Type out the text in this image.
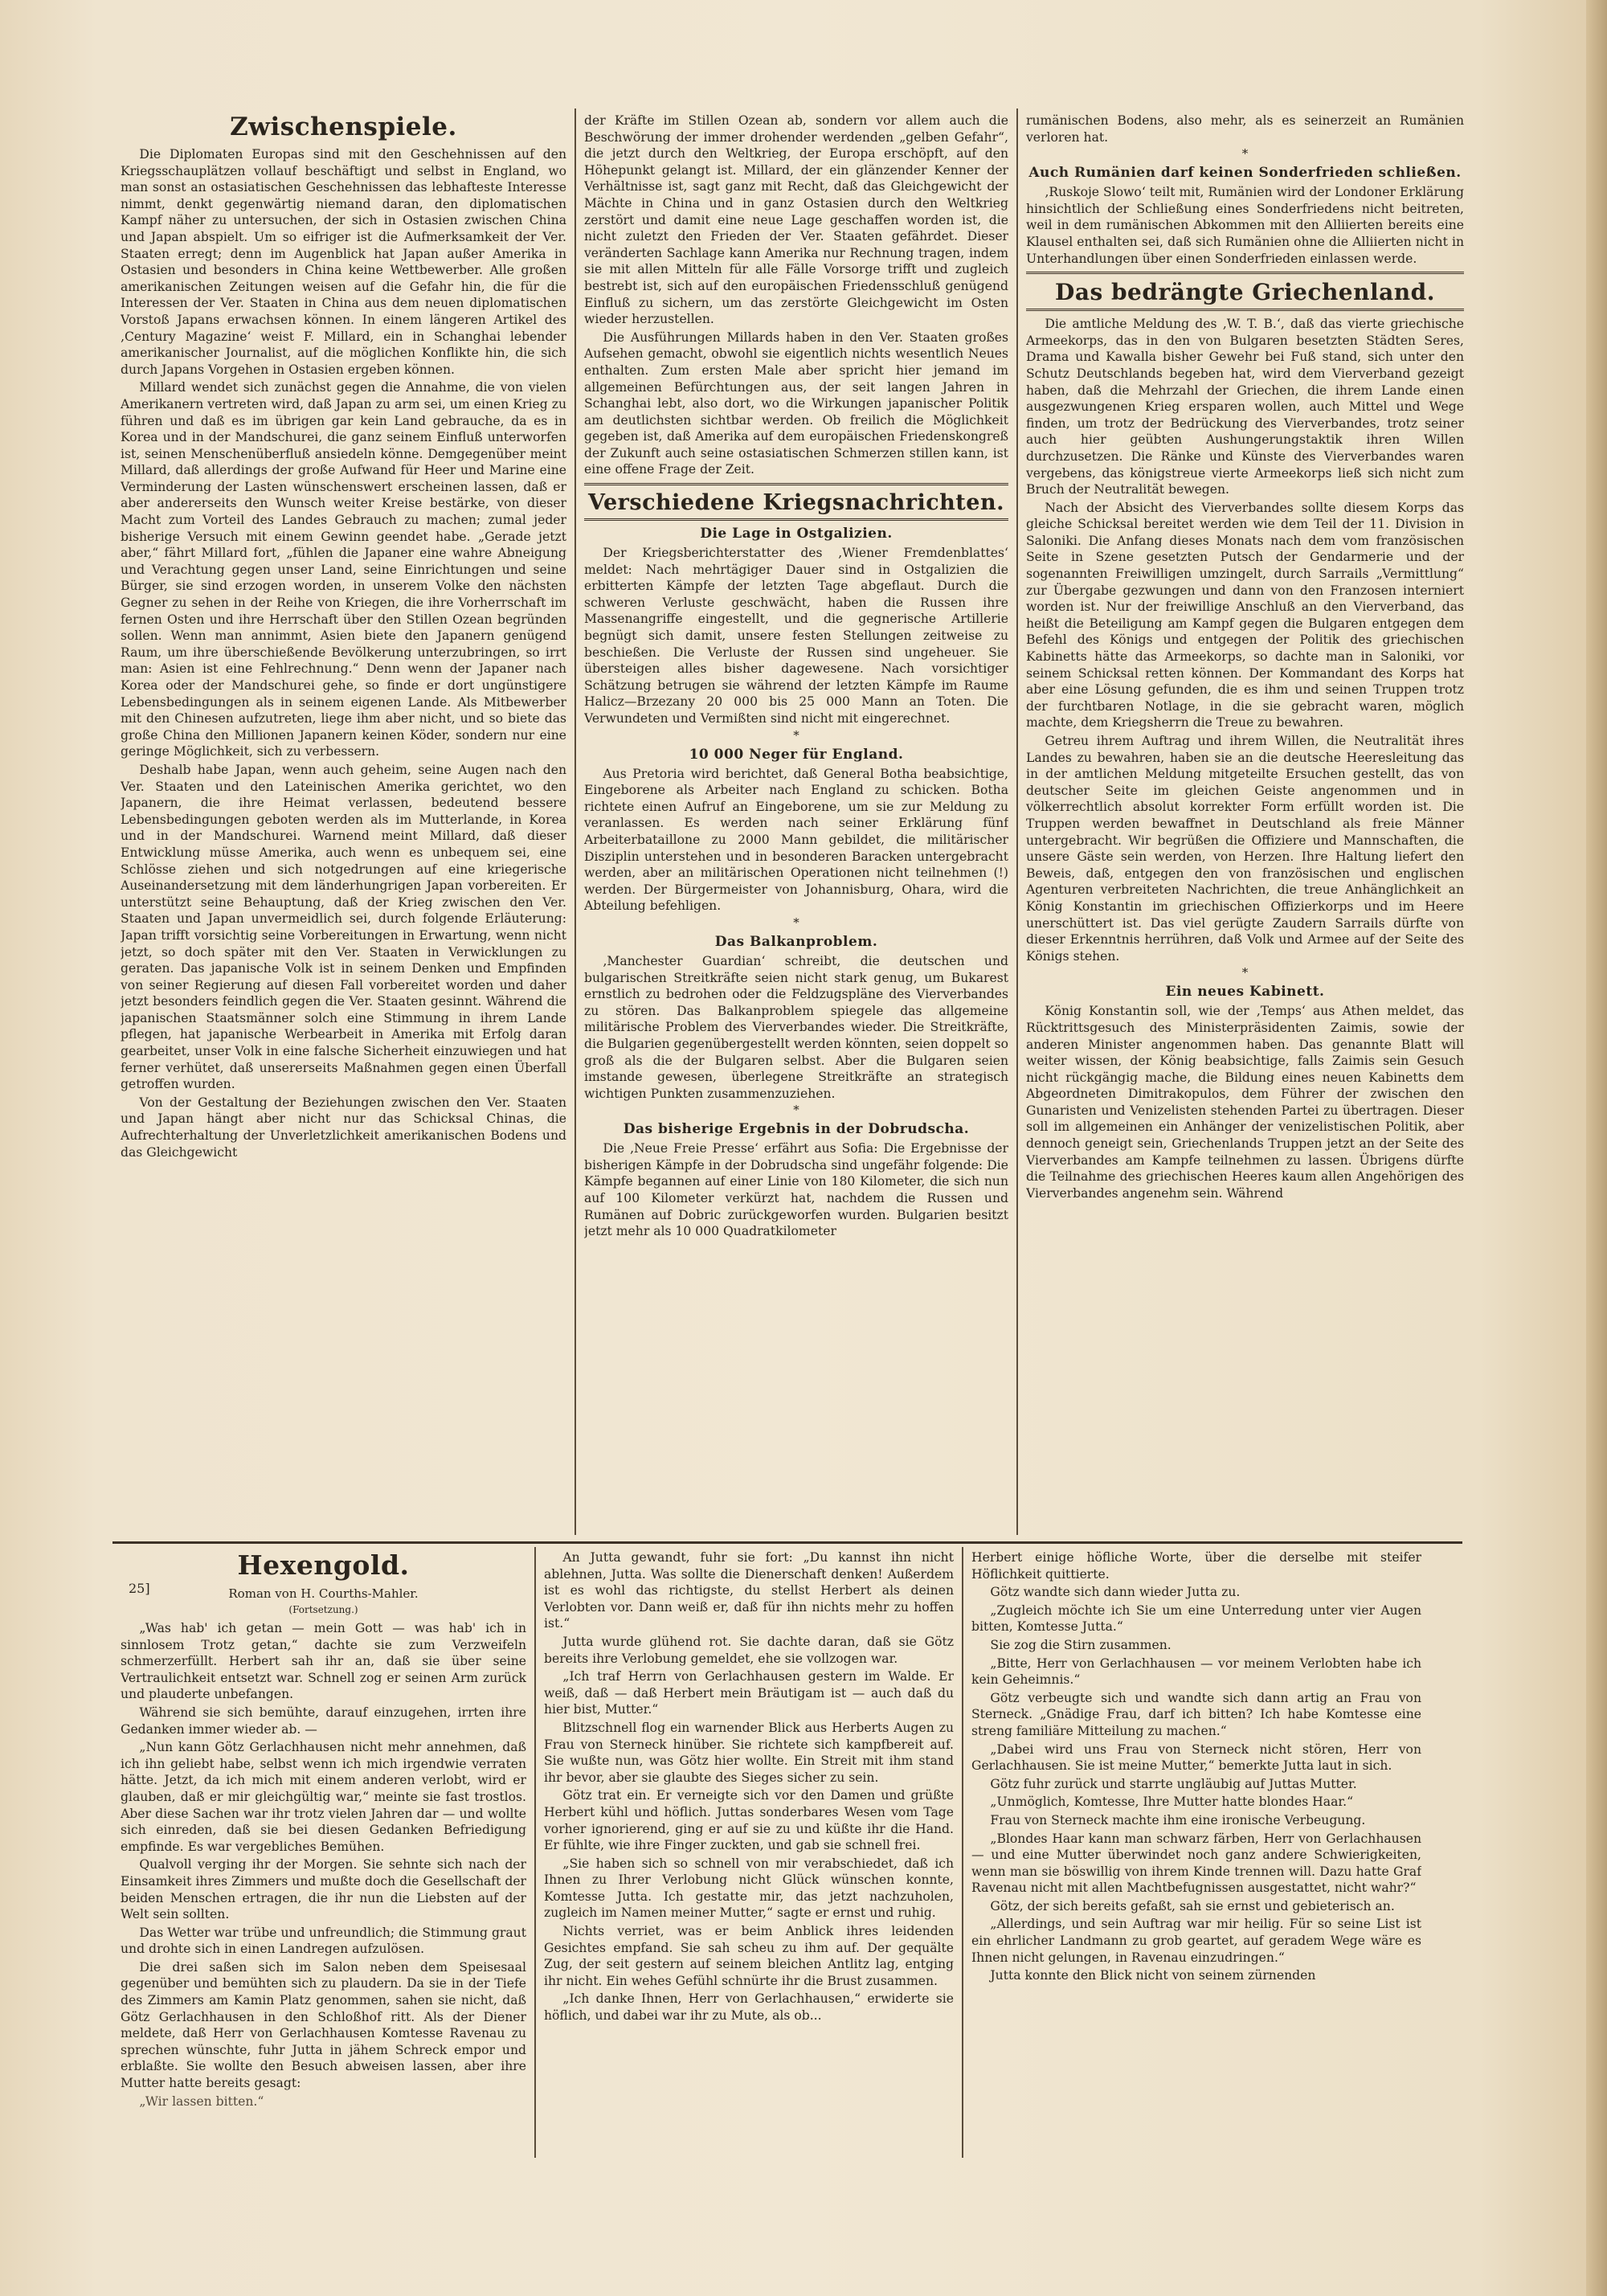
Zwischenspiele.

Die Diplomaten Europas sind mit den Geschehnissen auf den Kriegsschauplätzen vollauf beschäftigt und selbst in England, wo man sonst an ostasiatischen Geschehnissen das lebhafteste Interesse nimmt, denkt gegenwärtig niemand daran, den diplomatischen Kampf näher zu untersuchen, der sich in Ostasien zwischen China und Japan abspielt. Um so eifriger ist die Aufmerksamkeit der Ver. Staaten erregt; denn im Augenblick hat Japan außer Amerika in Ostasien und besonders in China keine Wettbewerber. Alle großen amerikanischen Zeitungen weisen auf die Gefahr hin, die für die Interessen der Ver. Staaten in China aus dem neuen diplomatischen Vorstoß Japans erwachsen können. In einem längeren Artikel des ‚Century Magazine‘ weist F. Millard, ein in Schanghai lebender amerikanischer Journalist, auf die möglichen Konflikte hin, die sich durch Japans Vorgehen in Ostasien ergeben können.

Millard wendet sich zunächst gegen die Annahme, die von vielen Amerikanern vertreten wird, daß Japan zu arm sei, um einen Krieg zu führen und daß es im übrigen gar kein Land gebrauche, da es in Korea und in der Mandschurei, die ganz seinem Einfluß unterworfen ist, seinen Menschenüberfluß ansiedeln könne. Demgegenüber meint Millard, daß allerdings der große Aufwand für Heer und Marine eine Verminderung der Lasten wünschenswert erscheinen lassen, daß er aber andererseits den Wunsch weiter Kreise bestärke, von dieser Macht zum Vorteil des Landes Gebrauch zu machen; zumal jeder bisherige Versuch mit einem Gewinn geendet habe. „Gerade jetzt aber,“ fährt Millard fort, „fühlen die Japaner eine wahre Abneigung und Verachtung gegen unser Land, seine Einrichtungen und seine Bürger, sie sind erzogen worden, in unserem Volke den nächsten Gegner zu sehen in der Reihe von Kriegen, die ihre Vorherrschaft im fernen Osten und ihre Herrschaft über den Stillen Ozean begründen sollen. Wenn man annimmt, Asien biete den Japanern genügend Raum, um ihre überschießende Bevölkerung unterzubringen, so irrt man: Asien ist eine Fehlrechnung.“ Denn wenn der Japaner nach Korea oder der Mandschurei gehe, so finde er dort ungünstigere Lebensbedingungen als in seinem eigenen Lande. Als Mitbewerber mit den Chinesen aufzutreten, liege ihm aber nicht, und so biete das große China den Millionen Japanern keinen Köder, sondern nur eine geringe Möglichkeit, sich zu verbessern.

Deshalb habe Japan, wenn auch geheim, seine Augen nach den Ver. Staaten und den Lateinischen Amerika gerichtet, wo den Japanern, die ihre Heimat verlassen, bedeutend bessere Lebensbedingungen geboten werden als im Mutterlande, in Korea und in der Mandschurei. Warnend meint Millard, daß dieser Entwicklung müsse Amerika, auch wenn es unbequem sei, eine Schlösse ziehen und sich notgedrungen auf eine kriegerische Auseinandersetzung mit dem länderhungrigen Japan vorbereiten. Er unterstützt seine Behauptung, daß der Krieg zwischen den Ver. Staaten und Japan unvermeidlich sei, durch folgende Erläuterung: Japan trifft vorsichtig seine Vorbereitungen in Erwartung, wenn nicht jetzt, so doch später mit den Ver. Staaten in Verwicklungen zu geraten. Das japanische Volk ist in seinem Denken und Empfinden von seiner Regierung auf diesen Fall vorbereitet worden und daher jetzt besonders feindlich gegen die Ver. Staaten gesinnt. Während die japanischen Staatsmänner solch eine Stimmung in ihrem Lande pflegen, hat japanische Werbearbeit in Amerika mit Erfolg daran gearbeitet, unser Volk in eine falsche Sicherheit einzuwiegen und hat ferner verhütet, daß unsererseits Maßnahmen gegen einen Überfall getroffen wurden.

Von der Gestaltung der Beziehungen zwischen den Ver. Staaten und Japan hängt aber nicht nur das Schicksal Chinas, die Aufrechterhaltung der Unverletzlichkeit amerikanischen Bodens und das Gleichgewicht

der Kräfte im Stillen Ozean ab, sondern vor allem auch die Beschwörung der immer drohender werdenden „gelben Gefahr“, die jetzt durch den Weltkrieg, der Europa erschöpft, auf den Höhepunkt gelangt ist. Millard, der ein glänzender Kenner der Verhältnisse ist, sagt ganz mit Recht, daß das Gleichgewicht der Mächte in China und in ganz Ostasien durch den Weltkrieg zerstört und damit eine neue Lage geschaffen worden ist, die nicht zuletzt den Frieden der Ver. Staaten gefährdet. Dieser veränderten Sachlage kann Amerika nur Rechnung tragen, indem sie mit allen Mitteln für alle Fälle Vorsorge trifft und zugleich bestrebt ist, sich auf den europäischen Friedensschluß genügend Einfluß zu sichern, um das zerstörte Gleichgewicht im Osten wieder herzustellen.

Die Ausführungen Millards haben in den Ver. Staaten großes Aufsehen gemacht, obwohl sie eigentlich nichts wesentlich Neues enthalten. Zum ersten Male aber spricht hier jemand im allgemeinen Befürchtungen aus, der seit langen Jahren in Schanghai lebt, also dort, wo die Wirkungen japanischer Politik am deutlichsten sichtbar werden. Ob freilich die Möglichkeit gegeben ist, daß Amerika auf dem europäischen Friedenskongreß der Zukunft auch seine ostasiatischen Schmerzen stillen kann, ist eine offene Frage der Zeit.

Verschiedene Kriegsnachrichten.
Die Lage in Ostgalizien.

Der Kriegsberichterstatter des ‚Wiener Fremdenblattes‘ meldet: Nach mehrtägiger Dauer sind in Ostgalizien die erbitterten Kämpfe der letzten Tage abgeflaut. Durch die schweren Verluste geschwächt, haben die Russen ihre Massenangriffe eingestellt, und die gegnerische Artillerie begnügt sich damit, unsere festen Stellungen zeitweise zu beschießen. Die Verluste der Russen sind ungeheuer. Sie übersteigen alles bisher dagewesene. Nach vorsichtiger Schätzung betrugen sie während der letzten Kämpfe im Raume Halicz—Brzezany 20 000 bis 25 000 Mann an Toten. Die Verwundeten und Vermißten sind nicht mit eingerechnet.

*
10 000 Neger für England.

Aus Pretoria wird berichtet, daß General Botha beabsichtige, Eingeborene als Arbeiter nach England zu schicken. Botha richtete einen Aufruf an Eingeborene, um sie zur Meldung zu veranlassen. Es werden nach seiner Erklärung fünf Arbeiterbataillone zu 2000 Mann gebildet, die militärischer Disziplin unterstehen und in besonderen Baracken untergebracht werden, aber an militärischen Operationen nicht teilnehmen (!) werden. Der Bürgermeister von Johannisburg, Ohara, wird die Abteilung befehligen.

*
Das Balkanproblem.

‚Manchester Guardian‘ schreibt, die deutschen und bulgarischen Streitkräfte seien nicht stark genug, um Bukarest ernstlich zu bedrohen oder die Feldzugspläne des Vierverbandes zu stören. Das Balkanproblem spiegele das allgemeine militärische Problem des Vierverbandes wieder. Die Streitkräfte, die Bulgarien gegenübergestellt werden könnten, seien doppelt so groß als die der Bulgaren selbst. Aber die Bulgaren seien imstande gewesen, überlegene Streitkräfte an strategisch wichtigen Punkten zusammenzuziehen.

*
Das bisherige Ergebnis in der Dobrudscha.

Die ‚Neue Freie Presse‘ erfährt aus Sofia: Die Ergebnisse der bisherigen Kämpfe in der Dobrudscha sind ungefähr folgende: Die Kämpfe begannen auf einer Linie von 180 Kilometer, die sich nun auf 100 Kilometer verkürzt hat, nachdem die Russen und Rumänen auf Dobric zurückgeworfen wurden. Bulgarien besitzt jetzt mehr als 10 000 Quadratkilometer

rumänischen Bodens, also mehr, als es seinerzeit an Rumänien verloren hat.

*
Auch Rumänien darf keinen Sonderfrieden schließen.

‚Ruskoje Slowo‘ teilt mit, Rumänien wird der Londoner Erklärung hinsichtlich der Schließung eines Sonderfriedens nicht beitreten, weil in dem rumänischen Abkommen mit den Alliierten bereits eine Klausel enthalten sei, daß sich Rumänien ohne die Alliierten nicht in Unterhandlungen über einen Sonderfrieden einlassen werde.

Das bedrängte Griechenland.

Die amtliche Meldung des ‚W. T. B.‘, daß das vierte griechische Armeekorps, das in den von Bulgaren besetzten Städten Seres, Drama und Kawalla bisher Gewehr bei Fuß stand, sich unter den Schutz Deutschlands begeben hat, wird dem Vierverband gezeigt haben, daß die Mehrzahl der Griechen, die ihrem Lande einen ausgezwungenen Krieg ersparen wollen, auch Mittel und Wege finden, um trotz der Bedrückung des Vierverbandes, trotz seiner auch hier geübten Aushungerungstaktik ihren Willen durchzusetzen. Die Ränke und Künste des Vierverbandes waren vergebens, das königstreue vierte Armeekorps ließ sich nicht zum Bruch der Neutralität bewegen.

Nach der Absicht des Vierverbandes sollte diesem Korps das gleiche Schicksal bereitet werden wie dem Teil der 11. Division in Saloniki. Die Anfang dieses Monats nach dem vom französischen Seite in Szene gesetzten Putsch der Gendarmerie und der sogenannten Freiwilligen umzingelt, durch Sarrails „Vermittlung“ zur Übergabe gezwungen und dann von den Franzosen interniert worden ist. Nur der freiwillige Anschluß an den Vierverband, das heißt die Beteiligung am Kampf gegen die Bulgaren entgegen dem Befehl des Königs und entgegen der Politik des griechischen Kabinetts hätte das Armeekorps, so dachte man in Saloniki, vor seinem Schicksal retten können. Der Kommandant des Korps hat aber eine Lösung gefunden, die es ihm und seinen Truppen trotz der furchtbaren Notlage, in die sie gebracht waren, möglich machte, dem Kriegsherrn die Treue zu bewahren.

Getreu ihrem Auftrag und ihrem Willen, die Neutralität ihres Landes zu bewahren, haben sie an die deutsche Heeresleitung das in der amtlichen Meldung mitgeteilte Ersuchen gestellt, das von deutscher Seite im gleichen Geiste angenommen und in völkerrechtlich absolut korrekter Form erfüllt worden ist. Die Truppen werden bewaffnet in Deutschland als freie Männer untergebracht. Wir begrüßen die Offiziere und Mannschaften, die unsere Gäste sein werden, von Herzen. Ihre Haltung liefert den Beweis, daß, entgegen den von französischen und englischen Agenturen verbreiteten Nachrichten, die treue Anhänglichkeit an König Konstantin im griechischen Offizierkorps und im Heere unerschüttert ist. Das viel gerügte Zaudern Sarrails dürfte von dieser Erkenntnis herrühren, daß Volk und Armee auf der Seite des Königs stehen.

*
Ein neues Kabinett.

König Konstantin soll, wie der ‚Temps‘ aus Athen meldet, das Rücktrittsgesuch des Ministerpräsidenten Zaimis, sowie der anderen Minister angenommen haben. Das genannte Blatt will weiter wissen, der König beabsichtige, falls Zaimis sein Gesuch nicht rückgängig mache, die Bildung eines neuen Kabinetts dem Abgeordneten Dimitrakopulos, dem Führer der zwischen den Gunaristen und Venizelisten stehenden Partei zu übertragen. Dieser soll im allgemeinen ein Anhänger der venizelistischen Politik, aber dennoch geneigt sein, Griechenlands Truppen jetzt an der Seite des Vierverbandes am Kampfe teilnehmen zu lassen. Übrigens dürfte die Teilnahme des griechischen Heeres kaum allen Angehörigen des Vierverbandes angenehm sein. Während

25]
Hexengold.
Roman von H. Courths-Mahler.
(Fortsetzung.)

„Was hab' ich getan — mein Gott — was hab' ich in sinnlosem Trotz getan,“ dachte sie zum Verzweifeln schmerzerfüllt. Herbert sah ihr an, daß sie über seine Vertraulichkeit entsetzt war. Schnell zog er seinen Arm zurück und plauderte unbefangen.

Während sie sich bemühte, darauf einzugehen, irrten ihre Gedanken immer wieder ab. —

„Nun kann Götz Gerlachhausen nicht mehr annehmen, daß ich ihn geliebt habe, selbst wenn ich mich irgendwie verraten hätte. Jetzt, da ich mich mit einem anderen verlobt, wird er glauben, daß er mir gleichgültig war,“ meinte sie fast trostlos. Aber diese Sachen war ihr trotz vielen Jahren dar — und wollte sich einreden, daß sie bei diesen Gedanken Befriedigung empfinde. Es war vergebliches Bemühen.

Qualvoll verging ihr der Morgen. Sie sehnte sich nach der Einsamkeit ihres Zimmers und mußte doch die Gesellschaft der beiden Menschen ertragen, die ihr nun die Liebsten auf der Welt sein sollten.

Das Wetter war trübe und unfreundlich; die Stimmung graut und drohte sich in einen Landregen aufzulösen.

Die drei saßen sich im Salon neben dem Speisesaal gegenüber und bemühten sich zu plaudern. Da sie in der Tiefe des Zimmers am Kamin Platz genommen, sahen sie nicht, daß Götz Gerlachhausen in den Schloßhof ritt. Als der Diener meldete, daß Herr von Gerlachhausen Komtesse Ravenau zu sprechen wünschte, fuhr Jutta in jähem Schreck empor und erblaßte. Sie wollte den Besuch abweisen lassen, aber ihre Mutter hatte bereits gesagt:

„Wir lassen bitten.“

An Jutta gewandt, fuhr sie fort: „Du kannst ihn nicht ablehnen, Jutta. Was sollte die Dienerschaft denken! Außerdem ist es wohl das richtigste, du stellst Herbert als deinen Verlobten vor. Dann weiß er, daß für ihn nichts mehr zu hoffen ist.“

Jutta wurde glühend rot. Sie dachte daran, daß sie Götz bereits ihre Verlobung gemeldet, ehe sie vollzogen war.

„Ich traf Herrn von Gerlachhausen gestern im Walde. Er weiß, daß — daß Herbert mein Bräutigam ist — auch daß du hier bist, Mutter.“

Blitzschnell flog ein warnender Blick aus Herberts Augen zu Frau von Sterneck hinüber. Sie richtete sich kampfbereit auf. Sie wußte nun, was Götz hier wollte. Ein Streit mit ihm stand ihr bevor, aber sie glaubte des Sieges sicher zu sein.

Götz trat ein. Er verneigte sich vor den Damen und grüßte Herbert kühl und höflich. Juttas sonderbares Wesen vom Tage vorher ignorierend, ging er auf sie zu und küßte ihr die Hand. Er fühlte, wie ihre Finger zuckten, und gab sie schnell frei.

„Sie haben sich so schnell von mir verabschiedet, daß ich Ihnen zu Ihrer Verlobung nicht Glück wünschen konnte, Komtesse Jutta. Ich gestatte mir, das jetzt nachzuholen, zugleich im Namen meiner Mutter,“ sagte er ernst und ruhig.

Nichts verriet, was er beim Anblick ihres leidenden Gesichtes empfand. Sie sah scheu zu ihm auf. Der gequälte Zug, der seit gestern auf seinem bleichen Antlitz lag, entging ihr nicht. Ein wehes Gefühl schnürte ihr die Brust zusammen.

„Ich danke Ihnen, Herr von Gerlachhausen,“ erwiderte sie höflich, und dabei war ihr zu Mute, als ob...

Herbert einige höfliche Worte, über die derselbe mit steifer Höflichkeit quittierte.

Götz wandte sich dann wieder Jutta zu.

„Zugleich möchte ich Sie um eine Unterredung unter vier Augen bitten, Komtesse Jutta.“

Sie zog die Stirn zusammen.

„Bitte, Herr von Gerlachhausen — vor meinem Verlobten habe ich kein Geheimnis.“

Götz verbeugte sich und wandte sich dann artig an Frau von Sterneck. „Gnädige Frau, darf ich bitten? Ich habe Komtesse eine streng familiäre Mitteilung zu machen.“

„Dabei wird uns Frau von Sterneck nicht stören, Herr von Gerlachhausen. Sie ist meine Mutter,“ bemerkte Jutta laut in sich.

Götz fuhr zurück und starrte ungläubig auf Juttas Mutter.

„Unmöglich, Komtesse, Ihre Mutter hatte blondes Haar.“

Frau von Sterneck machte ihm eine ironische Verbeugung.

„Blondes Haar kann man schwarz färben, Herr von Gerlachhausen — und eine Mutter überwindet noch ganz andere Schwierigkeiten, wenn man sie böswillig von ihrem Kinde trennen will. Dazu hatte Graf Ravenau nicht mit allen Machtbefugnissen ausgestattet, nicht wahr?“

Götz, der sich bereits gefaßt, sah sie ernst und gebieterisch an.

„Allerdings, und sein Auftrag war mir heilig. Für so seine List ist ein ehrlicher Landmann zu grob geartet, auf geradem Wege wäre es Ihnen nicht gelungen, in Ravenau einzudringen.“

Jutta konnte den Blick nicht von seinem zürnenden
